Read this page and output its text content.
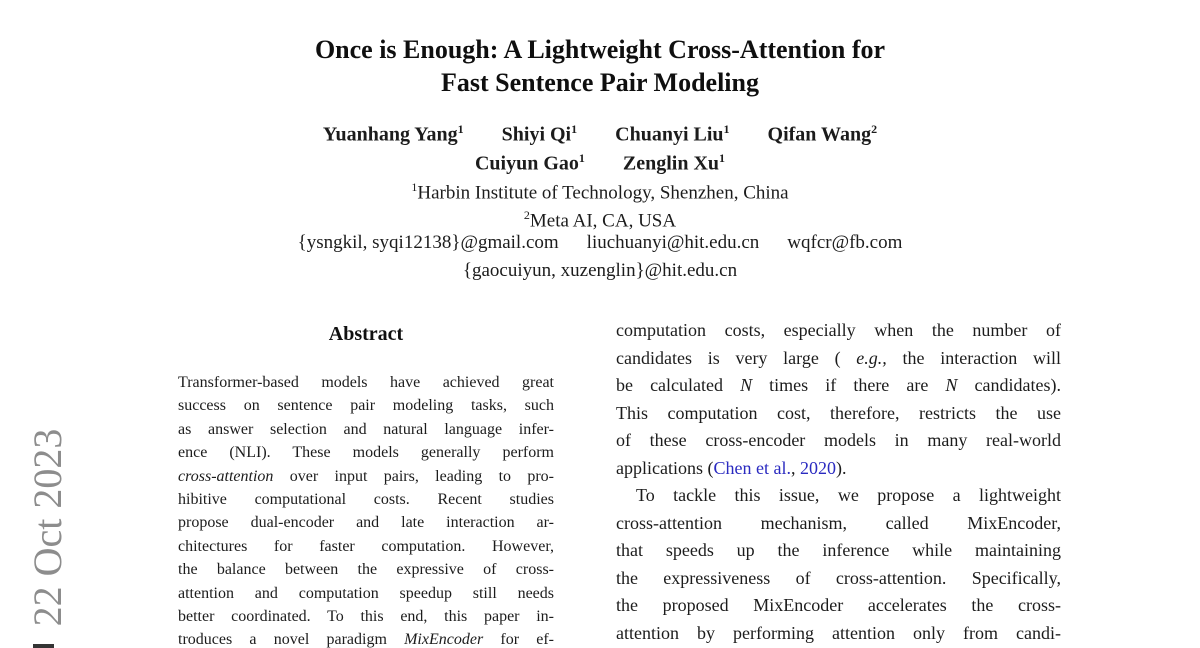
22 Oct 2023
Once is Enough: A Lightweight Cross-Attention for
Fast Sentence Pair Modeling
Yuanhang Yang$^1$ Shiyi Qi$^1$ Chuanyi Liu$^1$ Qifan Wang$^2$
Cuiyun Gao$^1$ Zenglin Xu$^1$
$^1$Harbin Institute of Technology, Shenzhen, China
$^2$Meta AI, CA, USA
{ysngkil, syqi12138}@gmail.com liuchuanyi@hit.edu.cn wqfcr@fb.com
{gaocuiyun, xuzenglin}@hit.edu.cn
Abstract
Transformer-based models have achieved great
success on sentence pair modeling tasks, such
as answer selection and natural language infer-
ence (NLI). These models generally perform
cross-attention over input pairs, leading to pro-
hibitive computational costs. Recent studies
propose dual-encoder and late interaction ar-
chitectures for faster computation. However,
the balance between the expressive of cross-
attention and computation speedup still needs
better coordinated. To this end, this paper in-
troduces a novel paradigm MixEncoder for ef-
computation costs, especially when the number of
candidates is very large ( e.g., the interaction will
be calculated N times if there are N candidates).
This computation cost, therefore, restricts the use
of these cross-encoder models in many real-world
applications (Chen et al., 2020).
To tackle this issue, we propose a lightweight
cross-attention mechanism, called MixEncoder,
that speeds up the inference while maintaining
the expressiveness of cross-attention. Specifically,
the proposed MixEncoder accelerates the cross-
attention by performing attention only from candi-
